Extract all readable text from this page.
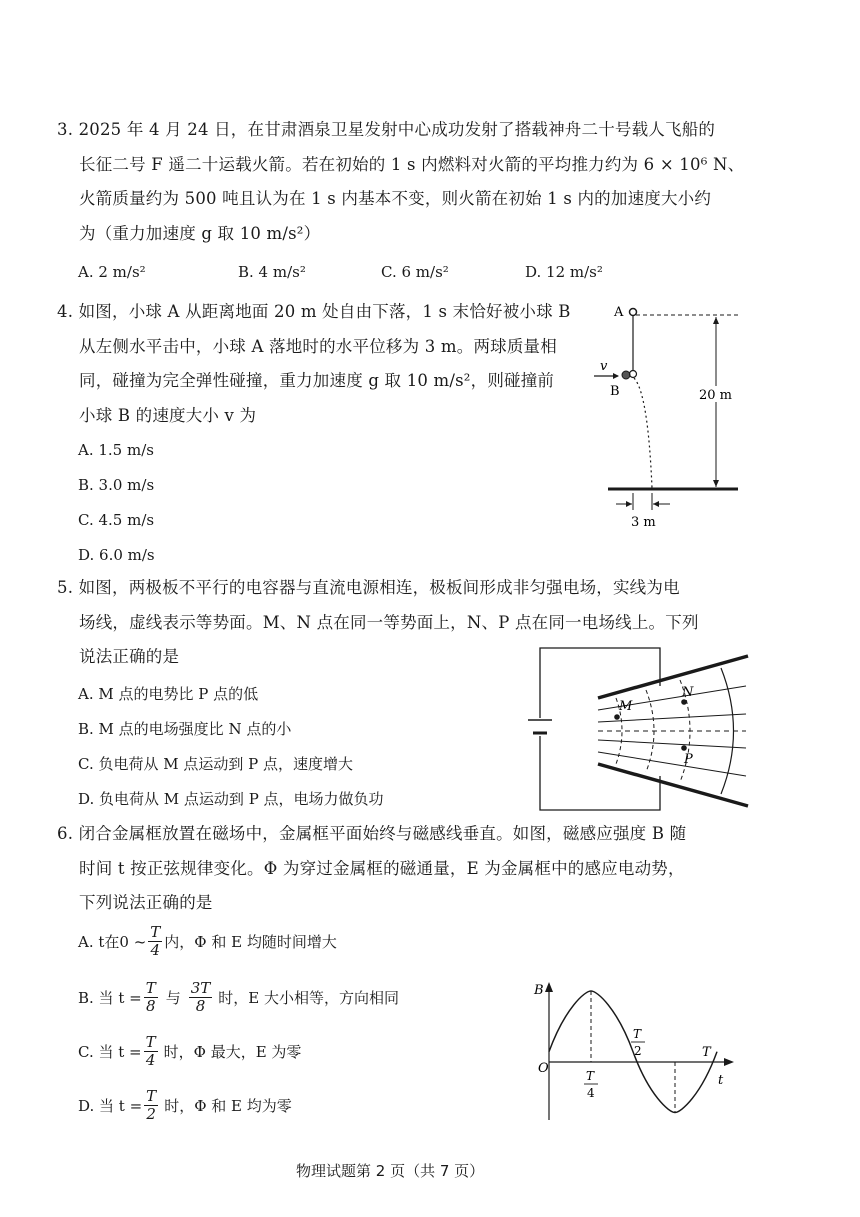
3. 2025 年 4 月 24 日，在甘肃酒泉卫星发射中心成功发射了搭载神舟二十号载人飞船的
长征二号 F 遥二十运载火箭。若在初始的 1 s 内燃料对火箭的平均推力约为 6 × 10⁶ N、
火箭质量约为 500 吨且认为在 1 s 内基本不变，则火箭在初始 1 s 内的加速度大小约
为（重力加速度 g 取 10 m/s²）
A. 2 m/s²	B. 4 m/s²	C. 6 m/s²	D. 12 m/s²
4. 如图，小球 A 从距离地面 20 m 处自由下落，1 s 末恰好被小球 B
从左侧水平击中，小球 A 落地时的水平位移为 3 m。两球质量相
同，碰撞为完全弹性碰撞，重力加速度 g 取 10 m/s²，则碰撞前
小球 B 的速度大小 v 为
A. 1.5 m/s
B. 3.0 m/s
C. 4.5 m/s
D. 6.0 m/s
A
v
B	20 m
3 m
5. 如图，两极板不平行的电容器与直流电源相连，极板间形成非匀强电场，实线为电
场线，虚线表示等势面。M、N 点在同一等势面上，N、P 点在同一电场线上。下列
说法正确的是
A. M 点的电势比 P 点的低
B. M 点的电场强度比 N 点的小
C. 负电荷从 M 点运动到 P 点，速度增大
D. 负电荷从 M 点运动到 P 点，电场力做负功
M
N
P
6. 闭合金属框放置在磁场中，金属框平面始终与磁感线垂直。如图，磁感应强度 B 随
时间 t 按正弦规律变化。Φ 为穿过金属框的磁通量，E 为金属框中的感应电动势，
下列说法正确的是
A. t在0 ~ $\frac{T}{4}$ 内，Φ 和 E 均随时间增大
B. 当 $t = \frac{T}{8}$ 与 $\frac{3T}{8}$ 时，E 大小相等，方向相同
C. 当 $t = \frac{T}{4}$ 时，Φ 最大，E 为零
D. 当 $t = \frac{T}{2}$ 时，Φ 和 E 均为零
B
t
O	T
4
T
2	T
物理试题第 2 页（共 7 页）
